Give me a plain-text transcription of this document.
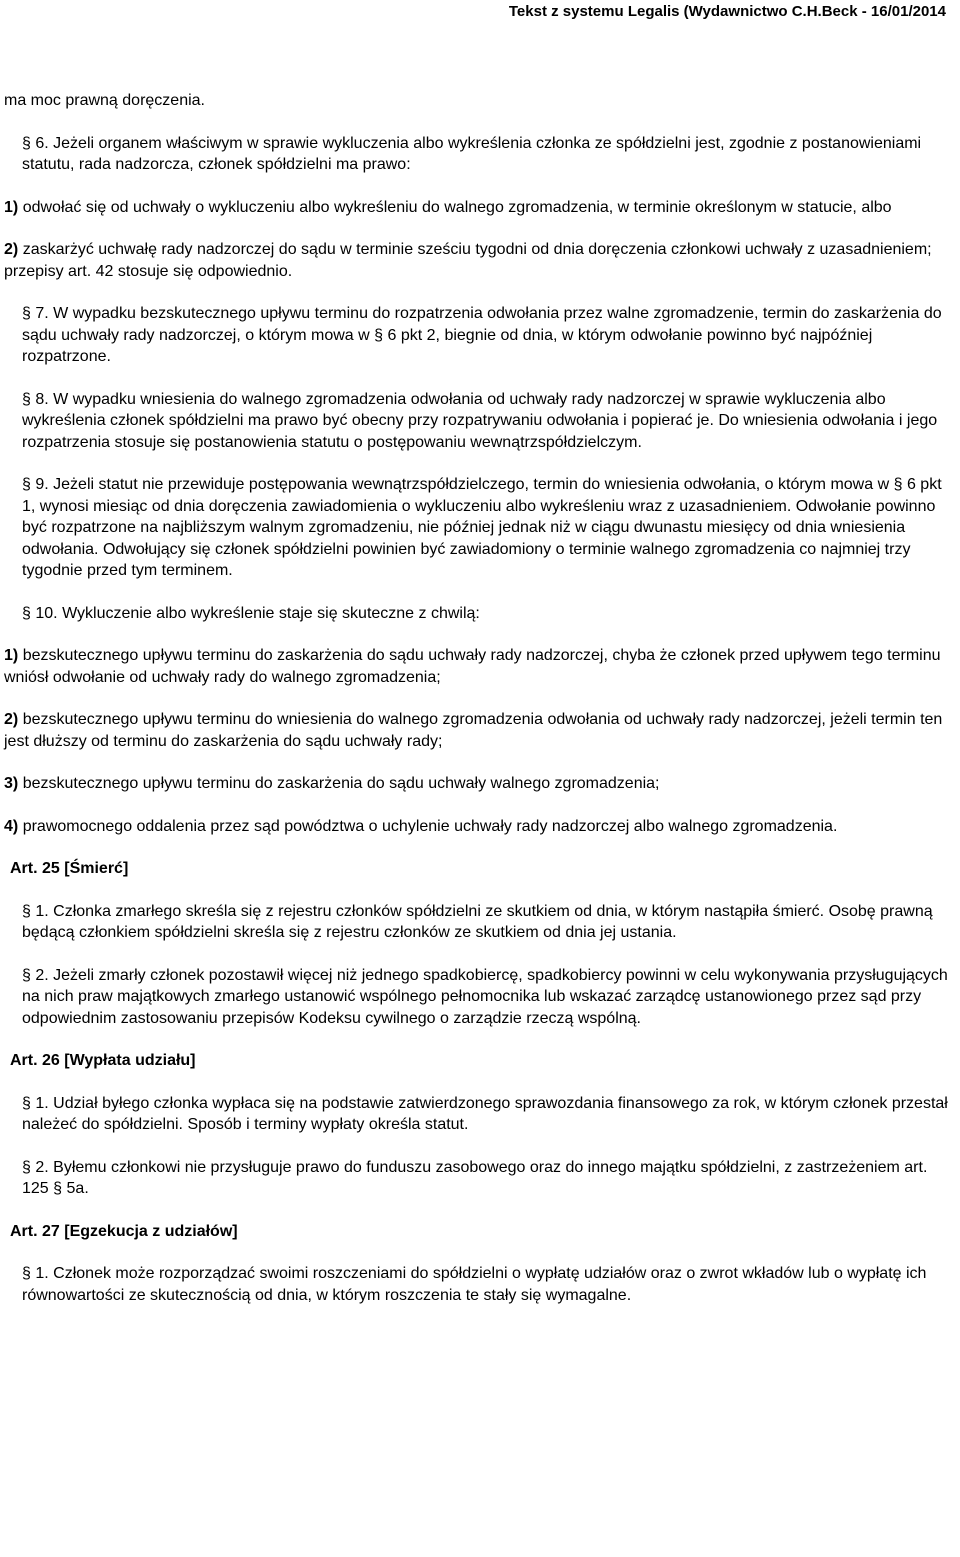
Tekst z systemu Legalis (Wydawnictwo C.H.Beck - 16/01/2014

ma moc prawną doręczenia.

§ 6. Jeżeli organem właściwym w sprawie wykluczenia albo wykreślenia członka ze spółdzielni jest, zgodnie z postanowieniami statutu, rada nadzorcza, członek spółdzielni ma prawo:

1) odwołać się od uchwały o wykluczeniu albo wykreśleniu do walnego zgromadzenia, w terminie określonym w statucie, albo

2) zaskarżyć uchwałę rady nadzorczej do sądu w terminie sześciu tygodni od dnia doręczenia członkowi uchwały z uzasadnieniem; przepisy art. 42 stosuje się odpowiednio.

§ 7. W wypadku bezskutecznego upływu terminu do rozpatrzenia odwołania przez walne zgromadzenie, termin do zaskarżenia do sądu uchwały rady nadzorczej, o którym mowa w § 6 pkt 2, biegnie od dnia, w którym odwołanie powinno być najpóźniej rozpatrzone.

§ 8. W wypadku wniesienia do walnego zgromadzenia odwołania od uchwały rady nadzorczej w sprawie wykluczenia albo wykreślenia członek spółdzielni ma prawo być obecny przy rozpatrywaniu odwołania i popierać je. Do wniesienia odwołania i jego rozpatrzenia stosuje się postanowienia statutu o postępowaniu wewnątrzspółdzielczym.

§ 9. Jeżeli statut nie przewiduje postępowania wewnątrzspółdzielczego, termin do wniesienia odwołania, o którym mowa w § 6 pkt 1, wynosi miesiąc od dnia doręczenia zawiadomienia o wykluczeniu albo wykreśleniu wraz z uzasadnieniem. Odwołanie powinno być rozpatrzone na najbliższym walnym zgromadzeniu, nie później jednak niż w ciągu dwunastu miesięcy od dnia wniesienia odwołania. Odwołujący się członek spółdzielni powinien być zawiadomiony o terminie walnego zgromadzenia co najmniej trzy tygodnie przed tym terminem.

§ 10. Wykluczenie albo wykreślenie staje się skuteczne z chwilą:

1) bezskutecznego upływu terminu do zaskarżenia do sądu uchwały rady nadzorczej, chyba że członek przed upływem tego terminu wniósł odwołanie od uchwały rady do walnego zgromadzenia;

2) bezskutecznego upływu terminu do wniesienia do walnego zgromadzenia odwołania od uchwały rady nadzorczej, jeżeli termin ten jest dłuższy od terminu do zaskarżenia do sądu uchwały rady;

3) bezskutecznego upływu terminu do zaskarżenia do sądu uchwały walnego zgromadzenia;

4) prawomocnego oddalenia przez sąd powództwa o uchylenie uchwały rady nadzorczej albo walnego zgromadzenia.

Art. 25 [Śmierć]

§ 1. Członka zmarłego skreśla się z rejestru członków spółdzielni ze skutkiem od dnia, w którym nastąpiła śmierć. Osobę prawną będącą członkiem spółdzielni skreśla się z rejestru członków ze skutkiem od dnia jej ustania.

§ 2. Jeżeli zmarły członek pozostawił więcej niż jednego spadkobiercę, spadkobiercy powinni w celu wykonywania przysługujących na nich praw majątkowych zmarłego ustanowić wspólnego pełnomocnika lub wskazać zarządcę ustanowionego przez sąd przy odpowiednim zastosowaniu przepisów Kodeksu cywilnego o zarządzie rzeczą wspólną.

Art. 26 [Wypłata udziału]

§ 1. Udział byłego członka wypłaca się na podstawie zatwierdzonego sprawozdania finansowego za rok, w którym członek przestał należeć do spółdzielni. Sposób i terminy wypłaty określa statut.

§ 2. Byłemu członkowi nie przysługuje prawo do funduszu zasobowego oraz do innego majątku spółdzielni, z zastrzeżeniem art. 125 § 5a.

Art. 27 [Egzekucja z udziałów]

§ 1. Członek może rozporządzać swoimi roszczeniami do spółdzielni o wypłatę udziałów oraz o zwrot wkładów lub o wypłatę ich równowartości ze skutecznością od dnia, w którym roszczenia te stały się wymagalne.
